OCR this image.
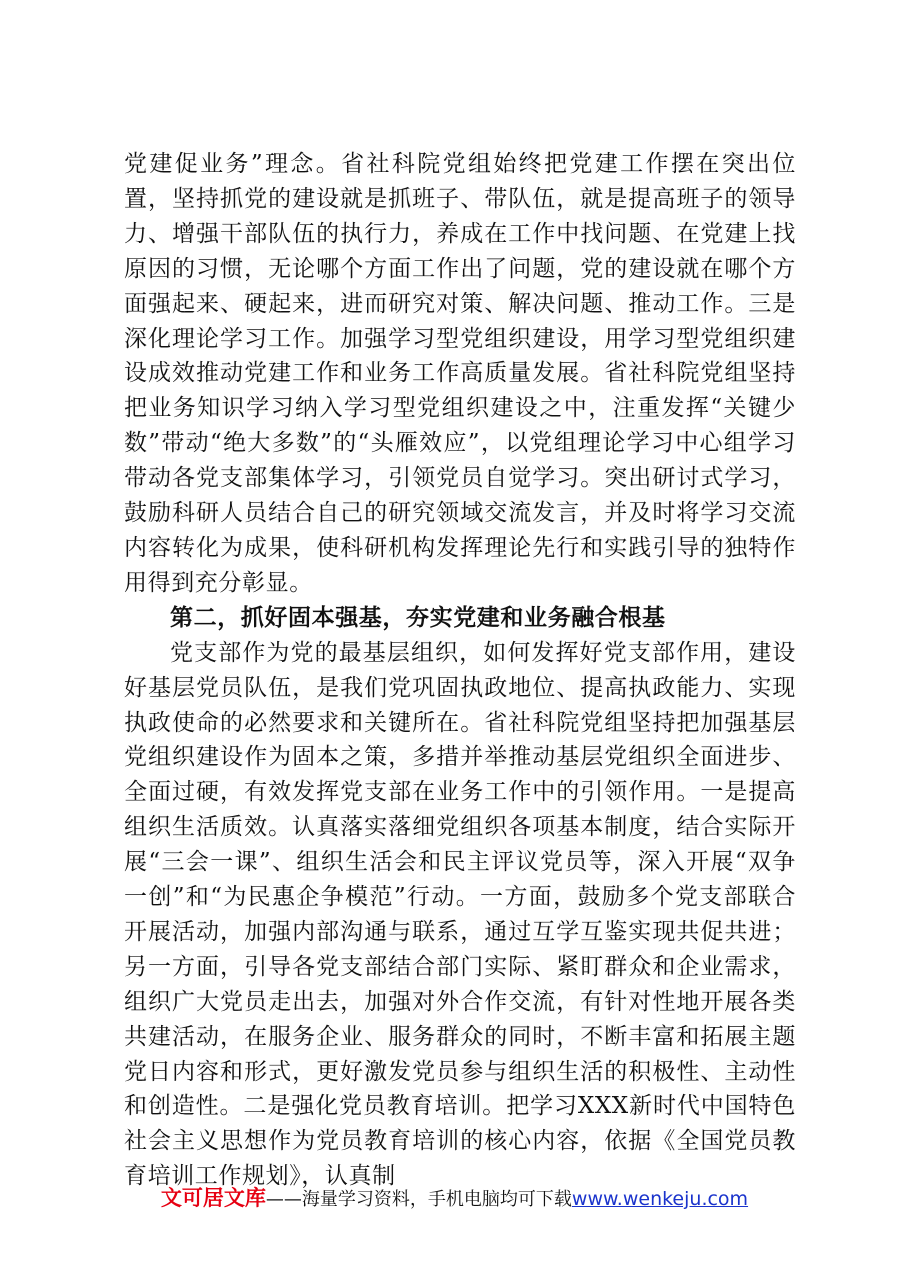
党建促业务”理念。省社科院党组始终把党建工作摆在突出位置，坚持抓党的建设就是抓班子、带队伍，就是提高班子的领导力、增强干部队伍的执行力，养成在工作中找问题、在党建上找原因的习惯，无论哪个方面工作出了问题，党的建设就在哪个方面强起来、硬起来，进而研究对策、解决问题、推动工作。三是深化理论学习工作。加强学习型党组织建设，用学习型党组织建设成效推动党建工作和业务工作高质量发展。省社科院党组坚持把业务知识学习纳入学习型党组织建设之中，注重发挥“关键少数”带动“绝大多数”的“头雁效应”，以党组理论学习中心组学习带动各党支部集体学习，引领党员自觉学习。突出研讨式学习，鼓励科研人员结合自己的研究领域交流发言，并及时将学习交流内容转化为成果，使科研机构发挥理论先行和实践引导的独特作用得到充分彰显。

第二，抓好固本强基，夯实党建和业务融合根基

党支部作为党的最基层组织，如何发挥好党支部作用，建设好基层党员队伍，是我们党巩固执政地位、提高执政能力、实现执政使命的必然要求和关键所在。省社科院党组坚持把加强基层党组织建设作为固本之策，多措并举推动基层党组织全面进步、全面过硬，有效发挥党支部在业务工作中的引领作用。一是提高组织生活质效。认真落实落细党组织各项基本制度，结合实际开展“三会一课”、组织生活会和民主评议党员等，深入开展“双争一创”和“为民惠企争模范”行动。一方面，鼓励多个党支部联合开展活动，加强内部沟通与联系，通过互学互鉴实现共促共进；另一方面，引导各党支部结合部门实际、紧盯群众和企业需求，组织广大党员走出去，加强对外合作交流，有针对性地开展各类共建活动，在服务企业、服务群众的同时，不断丰富和拓展主题党日内容和形式，更好激发党员参与组织生活的积极性、主动性和创造性。二是强化党员教育培训。把学习XXX新时代中国特色社会主义思想作为党员教育培训的核心内容，依据《全国党员教育培训工作规划》，认真制

文可居文库——海量学习资料，手机电脑均可下载www.wenkeju.com
